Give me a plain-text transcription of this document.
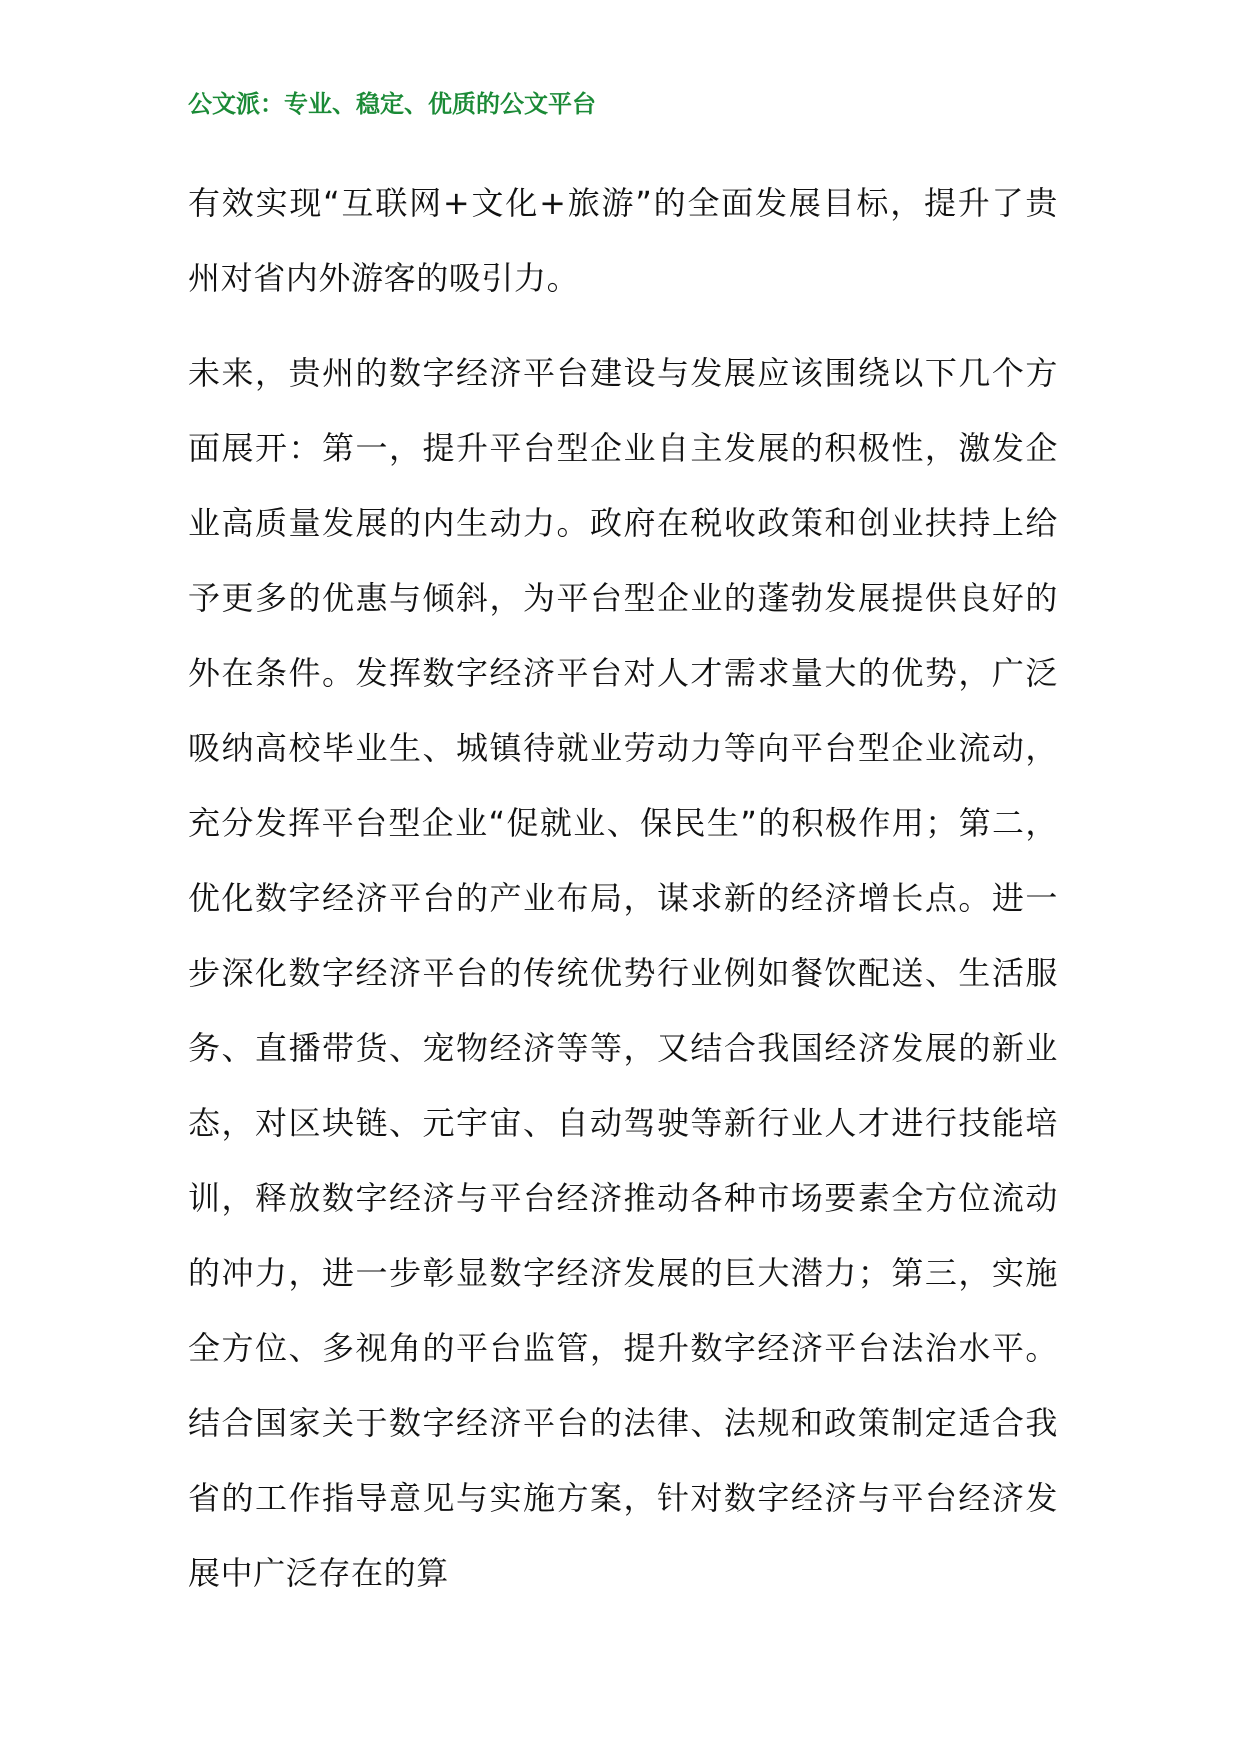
公文派：专业、稳定、优质的公文平台

有效实现“互联网+文化+旅游”的全面发展目标，提升了贵州对省内外游客的吸引力。

未来，贵州的数字经济平台建设与发展应该围绕以下几个方面展开：第一，提升平台型企业自主发展的积极性，激发企业高质量发展的内生动力。政府在税收政策和创业扶持上给予更多的优惠与倾斜，为平台型企业的蓬勃发展提供良好的外在条件。发挥数字经济平台对人才需求量大的优势，广泛吸纳高校毕业生、城镇待就业劳动力等向平台型企业流动，充分发挥平台型企业“促就业、保民生”的积极作用；第二，优化数字经济平台的产业布局，谋求新的经济增长点。进一步深化数字经济平台的传统优势行业例如餐饮配送、生活服务、直播带货、宠物经济等等，又结合我国经济发展的新业态，对区块链、元宇宙、自动驾驶等新行业人才进行技能培训，释放数字经济与平台经济推动各种市场要素全方位流动的冲力，进一步彰显数字经济发展的巨大潜力；第三，实施全方位、多视角的平台监管，提升数字经济平台法治水平。结合国家关于数字经济平台的法律、法规和政策制定适合我省的工作指导意见与实施方案，针对数字经济与平台经济发展中广泛存在的算
